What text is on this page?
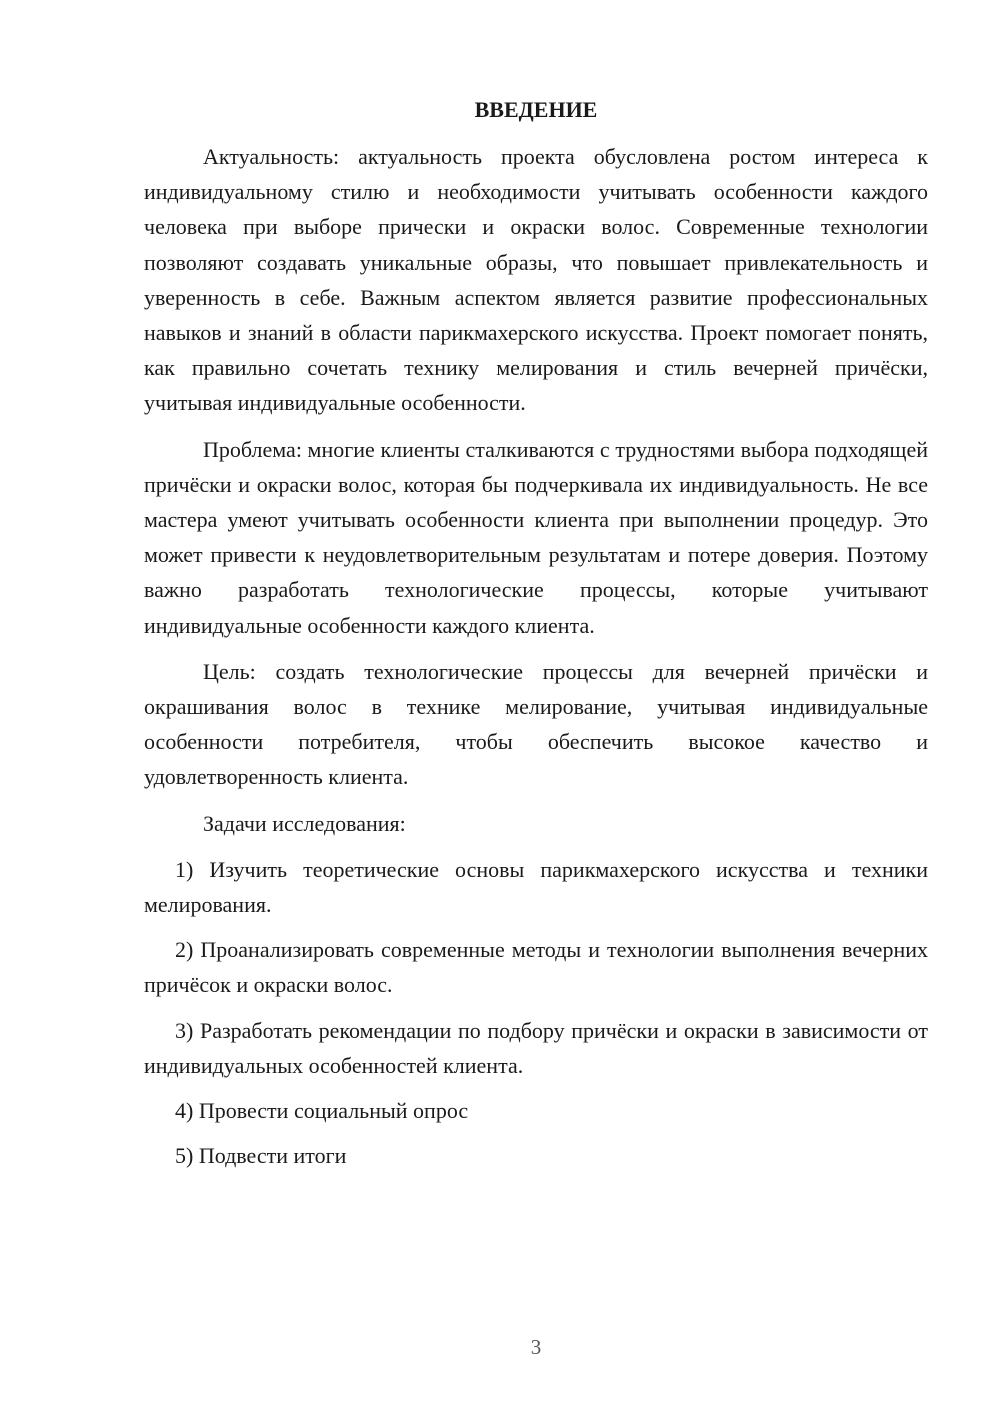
ВВЕДЕНИЕ

Актуальность: актуальность проекта обусловлена ростом интереса к индивидуальному стилю и необходимости учитывать особенности каждого человека при выборе прически и окраски волос. Современные технологии позволяют создавать уникальные образы, что повышает привлекательность и уверенность в себе. Важным аспектом является развитие профессиональных навыков и знаний в области парикмахерского искусства. Проект помогает понять, как правильно сочетать технику мелирования и стиль вечерней причёски, учитывая индивидуальные особенности.

Проблема: многие клиенты сталкиваются с трудностями выбора подходящей причёски и окраски волос, которая бы подчеркивала их индивидуальность. Не все мастера умеют учитывать особенности клиента при выполнении процедур. Это может привести к неудовлетворительным результатам и потере доверия. Поэтому важно разработать технологические процессы, которые учитывают индивидуальные особенности каждого клиента.

Цель: создать технологические процессы для вечерней причёски и окрашивания волос в технике мелирование, учитывая индивидуальные особенности потребителя, чтобы обеспечить высокое качество и удовлетворенность клиента.

Задачи исследования:

1) Изучить теоретические основы парикмахерского искусства и техники мелирования.

2) Проанализировать современные методы и технологии выполнения вечерних причёсок и окраски волос.

3) Разработать рекомендации по подбору причёски и окраски в зависимости от индивидуальных особенностей клиента.

4) Провести социальный опрос

5) Подвести итоги

3
